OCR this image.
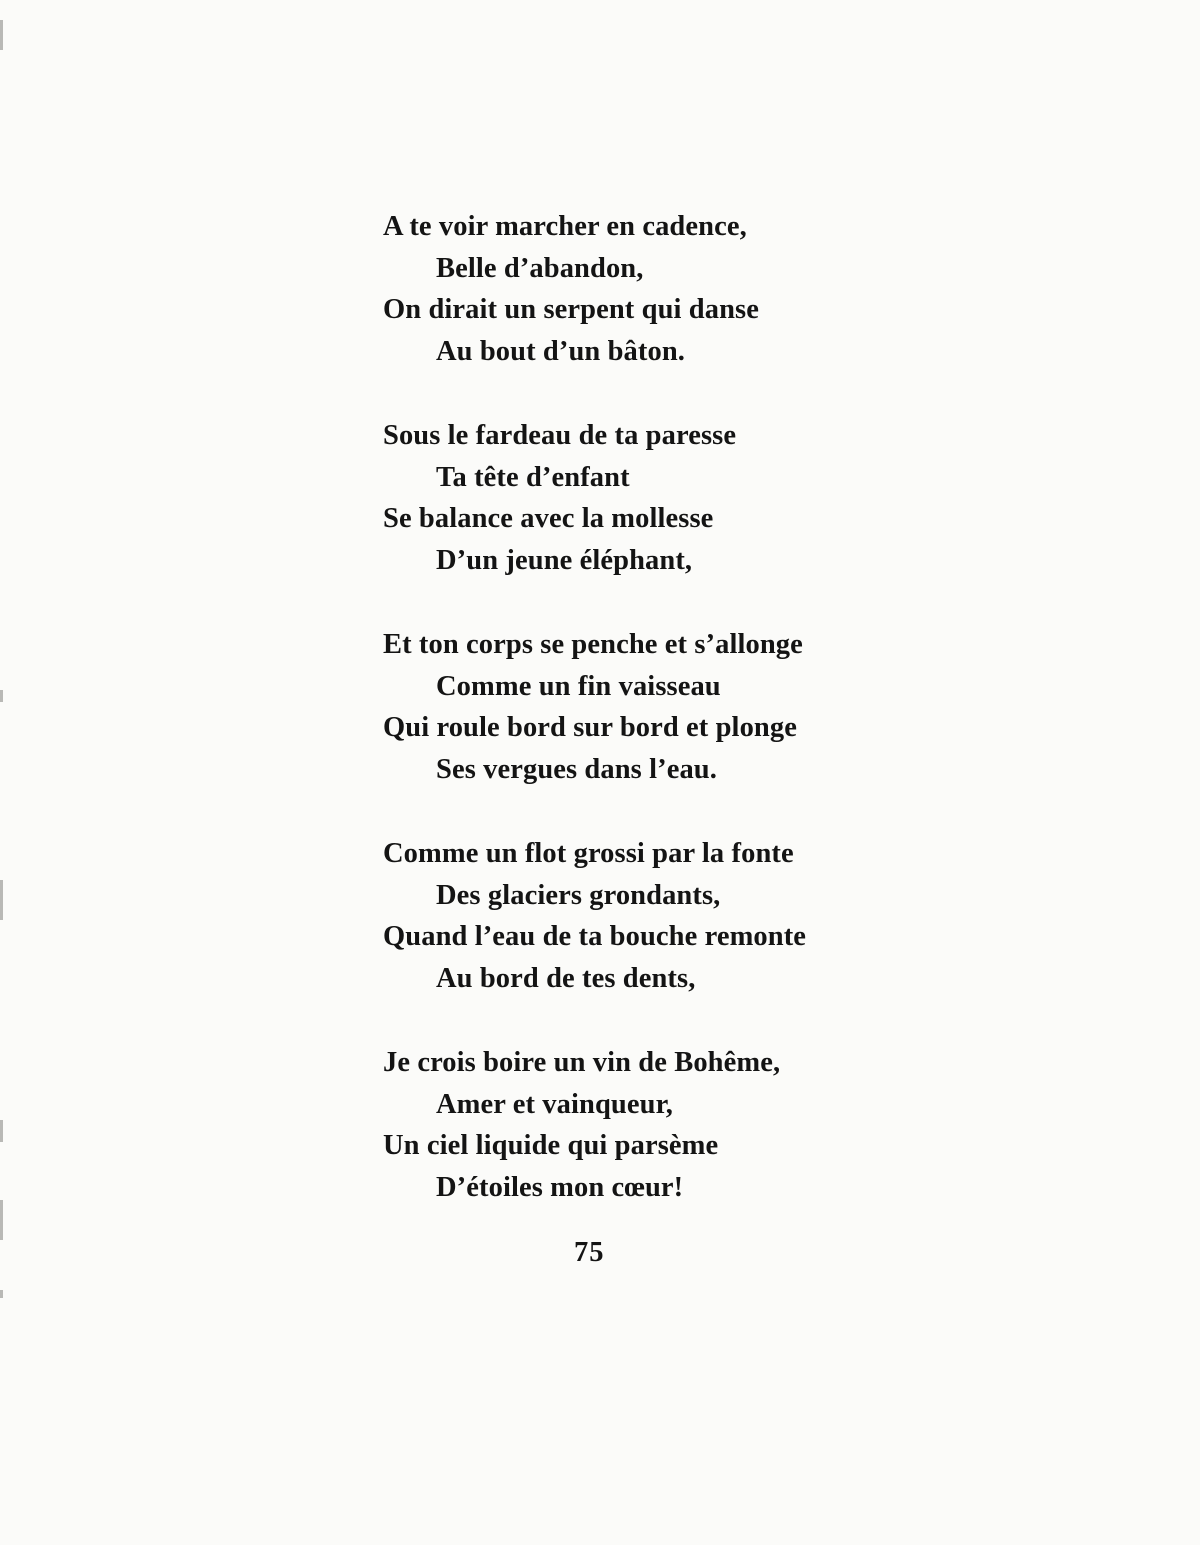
A te voir marcher en cadence,
Belle d’abandon,
On dirait un serpent qui danse
Au bout d’un bâton.
Sous le fardeau de ta paresse
Ta tête d’enfant
Se balance avec la mollesse
D’un jeune éléphant,
Et ton corps se penche et s’allonge
Comme un fin vaisseau
Qui roule bord sur bord et plonge
Ses vergues dans l’eau.
Comme un flot grossi par la fonte
Des glaciers grondants,
Quand l’eau de ta bouche remonte
Au bord de tes dents,
Je crois boire un vin de Bohême,
Amer et vainqueur,
Un ciel liquide qui parsème
D’étoiles mon cœur!
75
